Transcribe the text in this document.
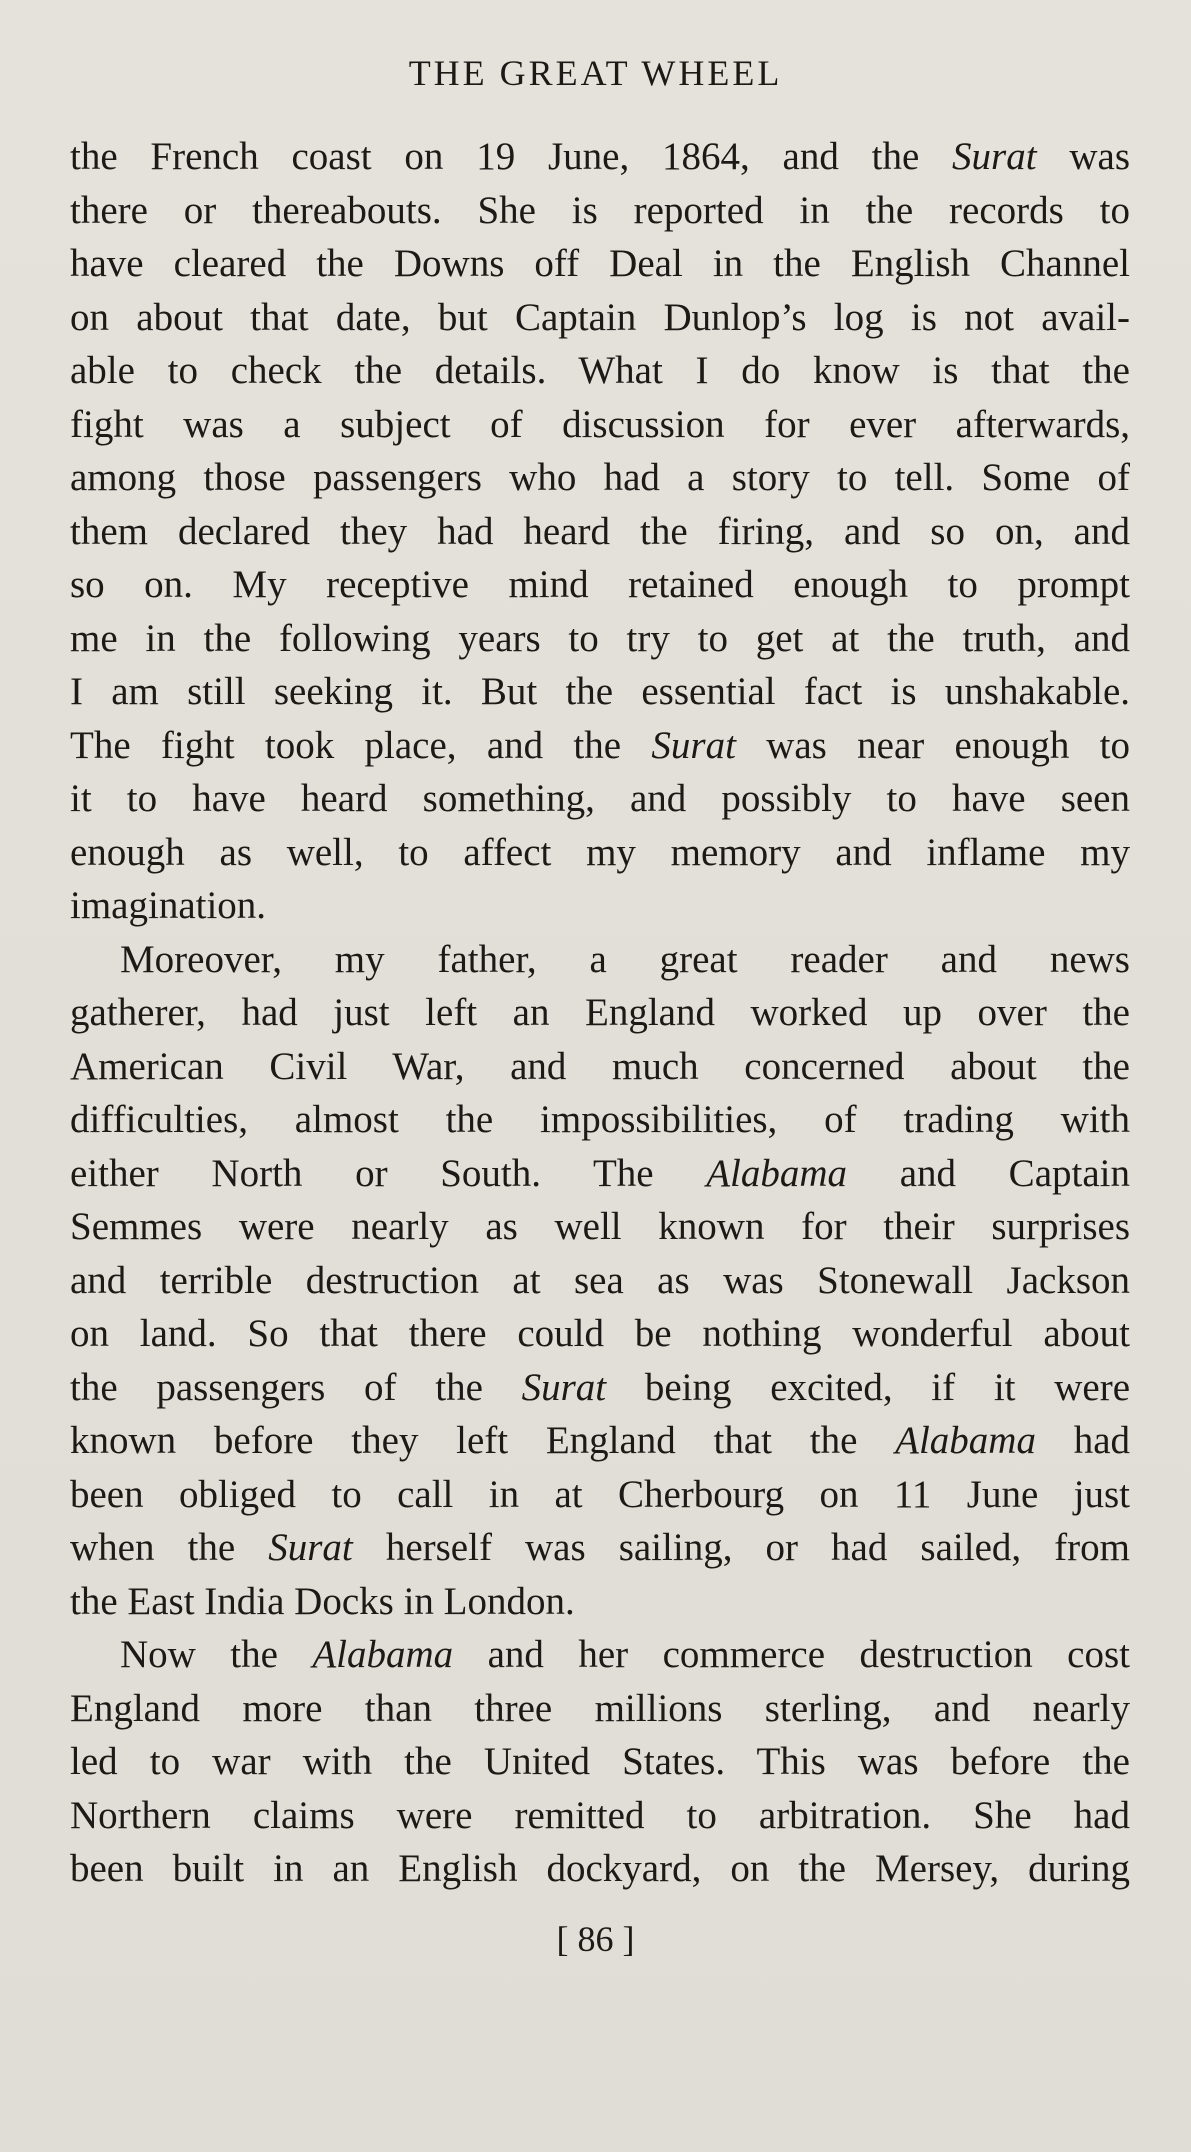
THE GREAT WHEEL
the French coast on 19 June, 1864, and the Surat was
there or thereabouts. She is reported in the records to
have cleared the Downs off Deal in the English Channel
on about that date, but Captain Dunlop’s log is not avail-
able to check the details. What I do know is that the
fight was a subject of discussion for ever afterwards,
among those passengers who had a story to tell. Some of
them declared they had heard the firing, and so on, and
so on. My receptive mind retained enough to prompt
me in the following years to try to get at the truth, and
I am still seeking it. But the essential fact is unshakable.
The fight took place, and the Surat was near enough to
it to have heard something, and possibly to have seen
enough as well, to affect my memory and inflame my
imagination.
Moreover, my father, a great reader and news
gatherer, had just left an England worked up over the
American Civil War, and much concerned about the
difficulties, almost the impossibilities, of trading with
either North or South. The Alabama and Captain
Semmes were nearly as well known for their surprises
and terrible destruction at sea as was Stonewall Jackson
on land. So that there could be nothing wonderful about
the passengers of the Surat being excited, if it were
known before they left England that the Alabama had
been obliged to call in at Cherbourg on 11 June just
when the Surat herself was sailing, or had sailed, from
the East India Docks in London.
Now the Alabama and her commerce destruction cost
England more than three millions sterling, and nearly
led to war with the United States. This was before the
Northern claims were remitted to arbitration. She had
been built in an English dockyard, on the Mersey, during
[ 86 ]
